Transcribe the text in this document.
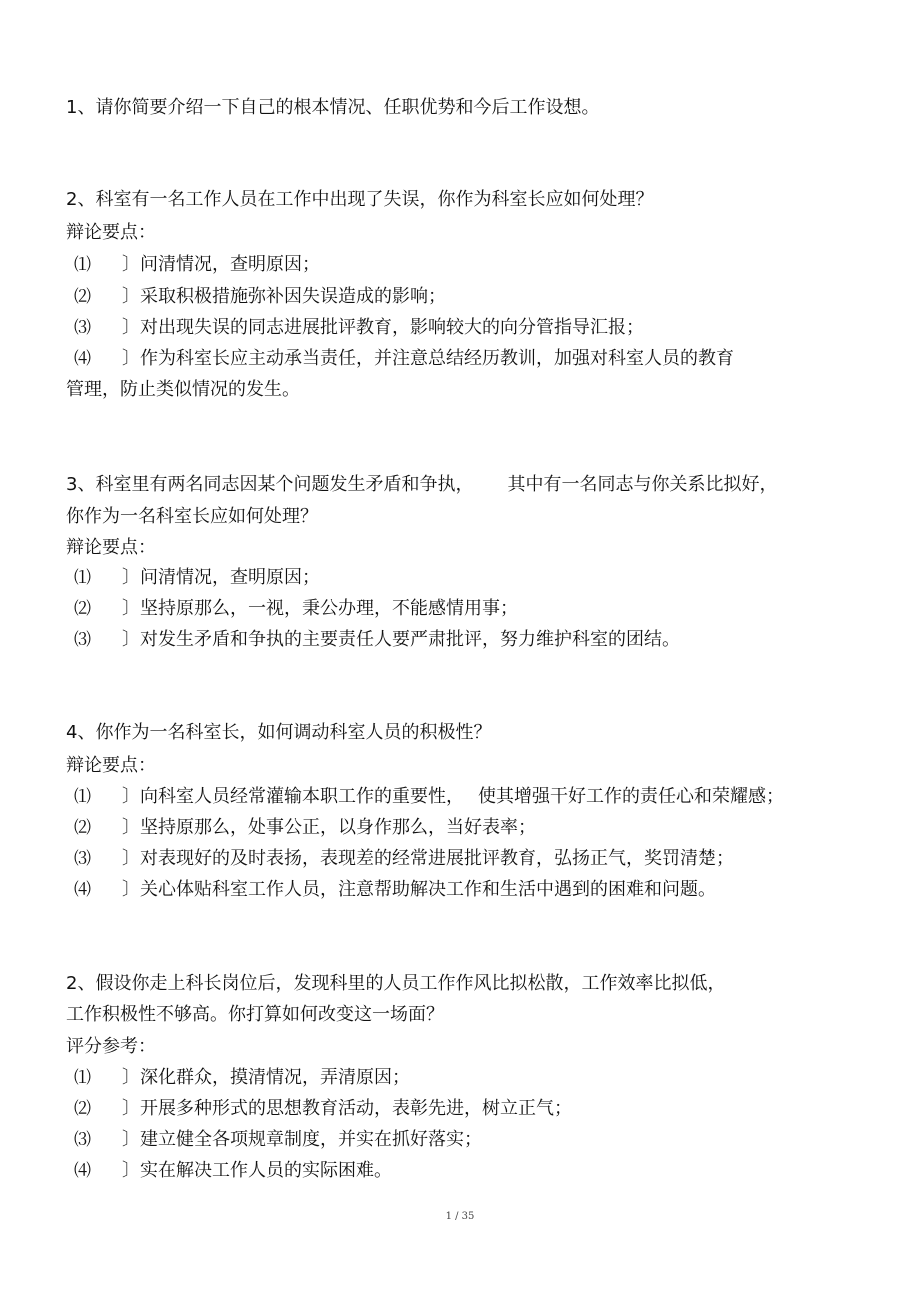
1、请你简要介绍一下自己的根本情况、任职优势和今后工作设想。
2、科室有一名工作人员在工作中出现了失误，你作为科室长应如何处理？
辩论要点：
⑴ 〕问清情况，查明原因；
⑵ 〕采取积极措施弥补因失误造成的影响；
⑶ 〕对出现失误的同志进展批评教育，影响较大的向分管指导汇报；
⑷ 〕作为科室长应主动承当责任，并注意总结经历教训，加强对科室人员的教育
管理，防止类似情况的发生。
3、科室里有两名同志因某个问题发生矛盾和争执， 其中有一名同志与你关系比拟好，
你作为一名科室长应如何处理？
辩论要点：
⑴ 〕问清情况，查明原因；
⑵ 〕坚持原那么，一视，秉公办理，不能感情用事；
⑶ 〕对发生矛盾和争执的主要责任人要严肃批评，努力维护科室的团结。
4、你作为一名科室长，如何调动科室人员的积极性？
辩论要点：
⑴ 〕向科室人员经常灌输本职工作的重要性， 使其增强干好工作的责任心和荣耀感；
⑵ 〕坚持原那么，处事公正，以身作那么，当好表率；
⑶ 〕对表现好的及时表扬，表现差的经常进展批评教育，弘扬正气，奖罚清楚；
⑷ 〕关心体贴科室工作人员，注意帮助解决工作和生活中遇到的困难和问题。
2、假设你走上科长岗位后，发现科里的人员工作作风比拟松散，工作效率比拟低，
工作积极性不够高。你打算如何改变这一场面？
评分参考：
⑴ 〕深化群众，摸清情况，弄清原因；
⑵ 〕开展多种形式的思想教育活动，表彰先进，树立正气；
⑶ 〕建立健全各项规章制度，并实在抓好落实；
⑷ 〕实在解决工作人员的实际困难。
1 / 35
